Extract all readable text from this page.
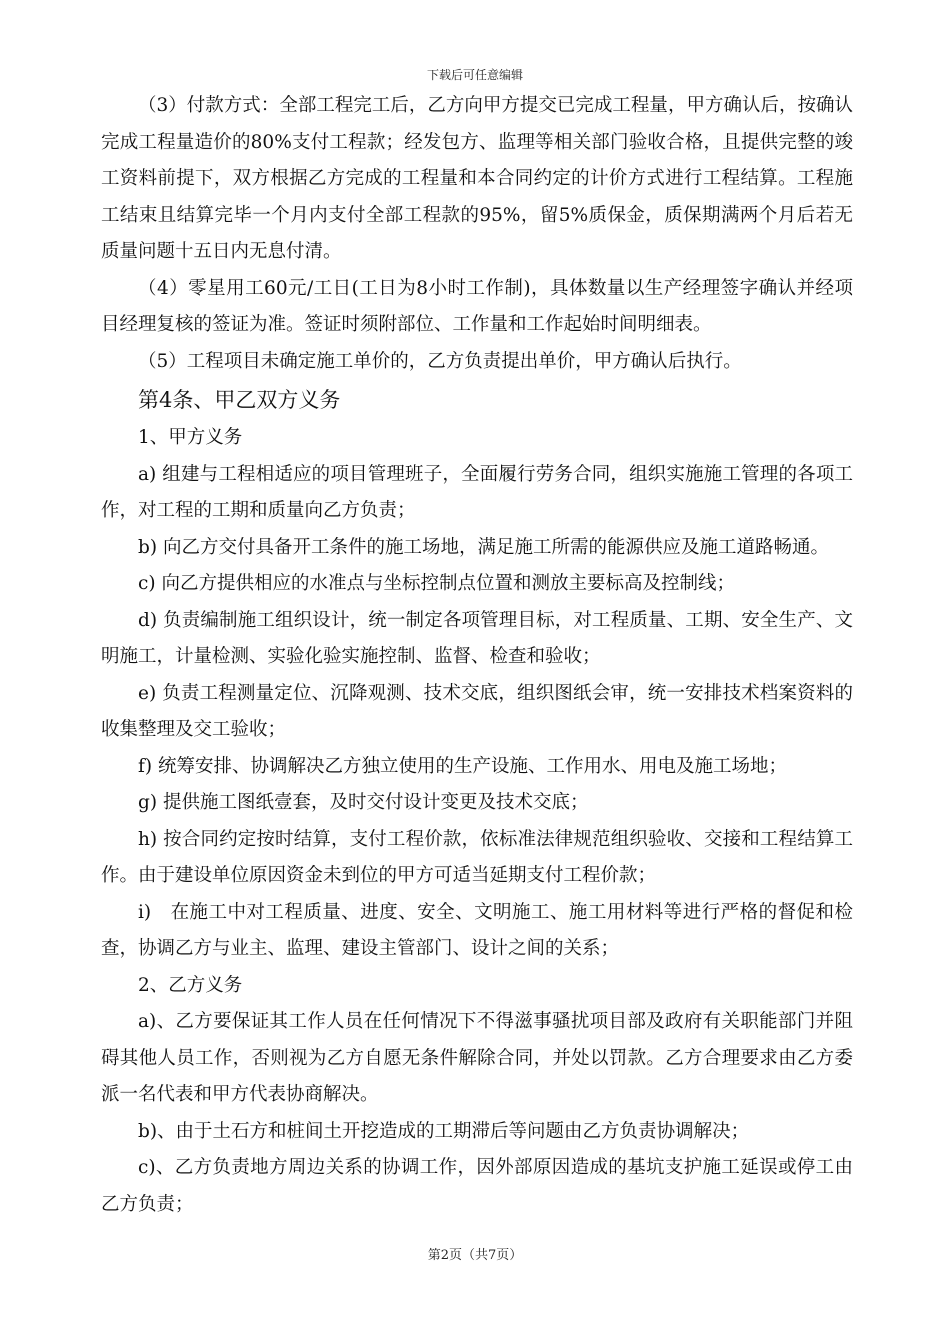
下载后可任意编辑

（3）付款方式：全部工程完工后，乙方向甲方提交已完成工程量，甲方确认后，按确认完成工程量造价的80%支付工程款；经发包方、监理等相关部门验收合格，且提供完整的竣工资料前提下，双方根据乙方完成的工程量和本合同约定的计价方式进行工程结算。工程施工结束且结算完毕一个月内支付全部工程款的95%，留5%质保金，质保期满两个月后若无质量问题十五日内无息付清。

（4）零星用工60元/工日(工日为8小时工作制)，具体数量以生产经理签字确认并经项目经理复核的签证为准。签证时须附部位、工作量和工作起始时间明细表。

（5）工程项目未确定施工单价的，乙方负责提出单价，甲方确认后执行。

第4条、甲乙双方义务

1、甲方义务

a) 组建与工程相适应的项目管理班子，全面履行劳务合同，组织实施施工管理的各项工作，对工程的工期和质量向乙方负责；

b) 向乙方交付具备开工条件的施工场地，满足施工所需的能源供应及施工道路畅通。

c) 向乙方提供相应的水准点与坐标控制点位置和测放主要标高及控制线；

d) 负责编制施工组织设计，统一制定各项管理目标，对工程质量、工期、安全生产、文明施工，计量检测、实验化验实施控制、监督、检查和验收；

e) 负责工程测量定位、沉降观测、技术交底，组织图纸会审，统一安排技术档案资料的收集整理及交工验收；

f) 统筹安排、协调解决乙方独立使用的生产设施、工作用水、用电及施工场地；

g) 提供施工图纸壹套，及时交付设计变更及技术交底；

h) 按合同约定按时结算，支付工程价款，依标准法律规范组织验收、交接和工程结算工作。由于建设单位原因资金未到位的甲方可适当延期支付工程价款；

i)　在施工中对工程质量、进度、安全、文明施工、施工用材料等进行严格的督促和检查，协调乙方与业主、监理、建设主管部门、设计之间的关系；

2、乙方义务

a)、乙方要保证其工作人员在任何情况下不得滋事骚扰项目部及政府有关职能部门并阻碍其他人员工作，否则视为乙方自愿无条件解除合同，并处以罚款。乙方合理要求由乙方委派一名代表和甲方代表协商解决。

b)、由于土石方和桩间土开挖造成的工期滞后等问题由乙方负责协调解决；

c)、乙方负责地方周边关系的协调工作，因外部原因造成的基坑支护施工延误或停工由乙方负责；

第2页（共7页）
